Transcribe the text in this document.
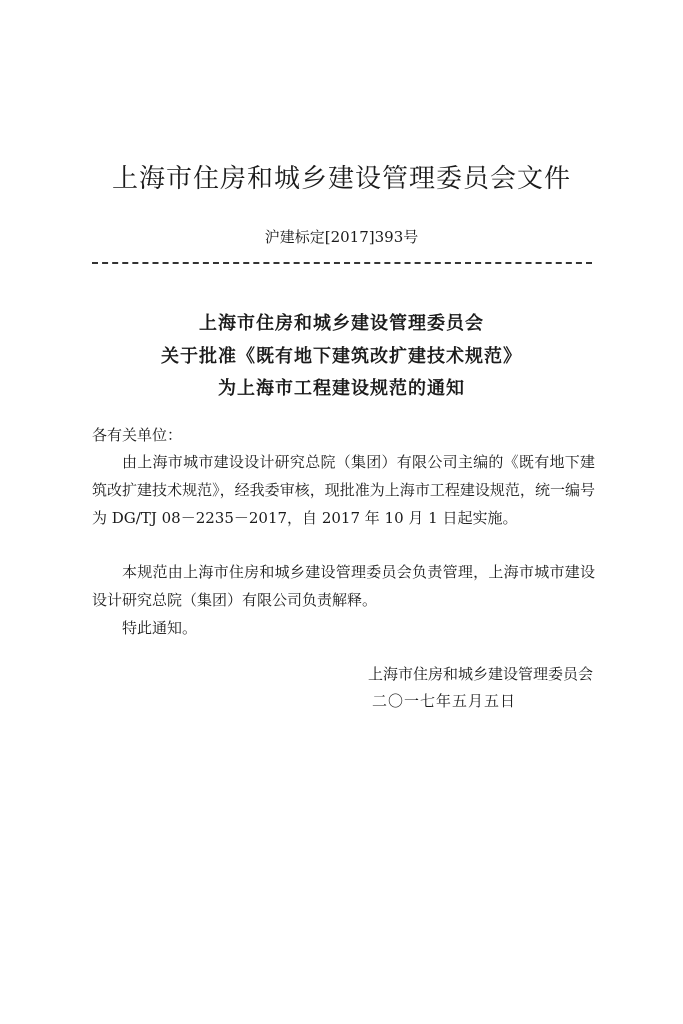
上海市住房和城乡建设管理委员会文件
沪建标定[2017]393号
上海市住房和城乡建设管理委员会
关于批准《既有地下建筑改扩建技术规范》
为上海市工程建设规范的通知
各有关单位：
由上海市城市建设设计研究总院（集团）有限公司主编的《既有地下建筑改扩建技术规范》，经我委审核，现批准为上海市工程建设规范，统一编号为 DG/TJ 08－2235－2017，自 2017 年 10 月 1 日起实施。
本规范由上海市住房和城乡建设管理委员会负责管理，上海市城市建设设计研究总院（集团）有限公司负责解释。
特此通知。
上海市住房和城乡建设管理委员会
二〇一七年五月五日
